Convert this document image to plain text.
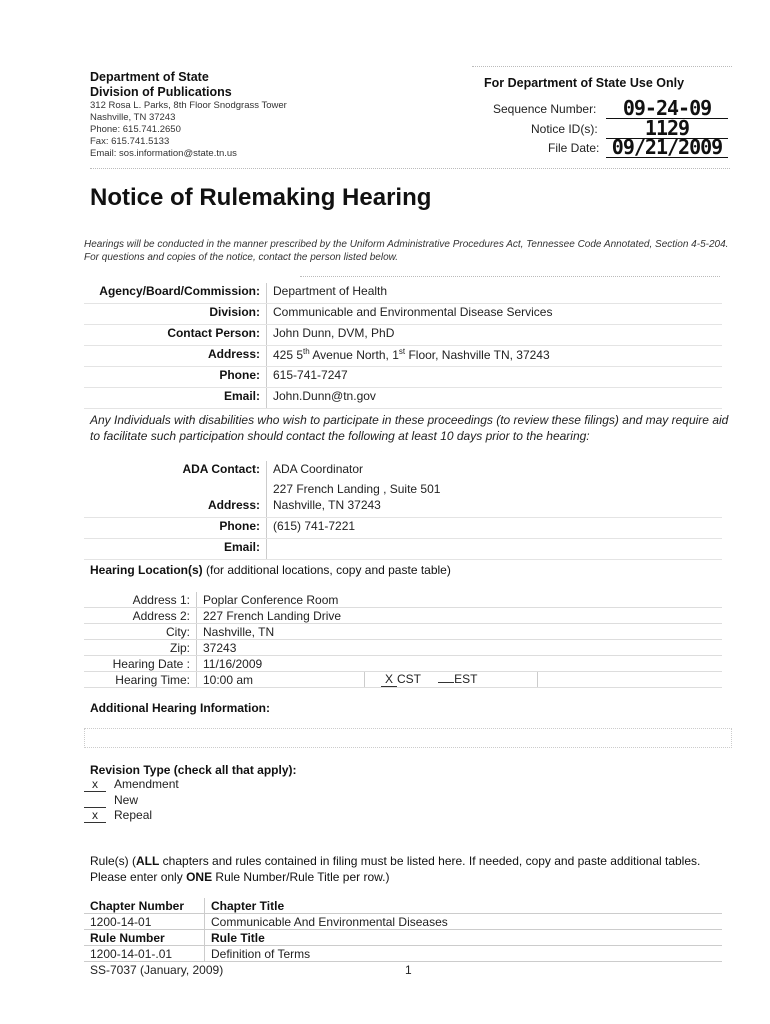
Department of State
Division of Publications
312 Rosa L. Parks, 8th Floor Snodgrass Tower
Nashville, TN 37243
Phone: 615.741.2650
Fax: 615.741.5133
Email: sos.information@state.tn.us
For Department of State Use Only
Sequence Number:	09-24-09
Notice ID(s):	1129
File Date: 09/21/2009
Notice of Rulemaking Hearing
Hearings will be conducted in the manner prescribed by the Uniform Administrative Procedures Act, Tennessee Code Annotated, Section 4-5-204. For questions and copies of the notice, contact the person listed below.
Agency/Board/Commission:	Department of Health
Division:	Communicable and Environmental Disease Services
Contact Person:	John Dunn, DVM, PhD
Address:	425 5th Avenue North, 1st Floor, Nashville TN, 37243
Phone:	615-741-7247
Email:	John.Dunn@tn.gov
Any Individuals with disabilities who wish to participate in these proceedings (to review these filings) and may require aid to facilitate such participation should contact the following at least 10 days prior to the hearing:
ADA Contact:	ADA Coordinator
	227 French Landing , Suite 501
Address:	Nashville, TN 37243
Phone:	(615) 741-7221
Email:	
Hearing Location(s) (for additional locations, copy and paste table)
Address 1:	Poplar Conference Room		
Address 2:	227 French Landing Drive		
City:	Nashville, TN		
Zip:	37243		
Hearing Date :	11/16/2009		
Hearing Time:	10:00 am	X CST EST	
Additional Hearing Information:
Revision Type (check all that apply):
x Amendment
New
x Repeal
Rule(s) (ALL chapters and rules contained in filing must be listed here. If needed, copy and paste additional tables. Please enter only ONE Rule Number/Rule Title per row.)
Chapter Number	Chapter Title
1200-14-01	Communicable And Environmental Diseases
Rule Number	Rule Title
1200-14-01-.01	Definition of Terms
SS-7037 (January, 2009)	1
